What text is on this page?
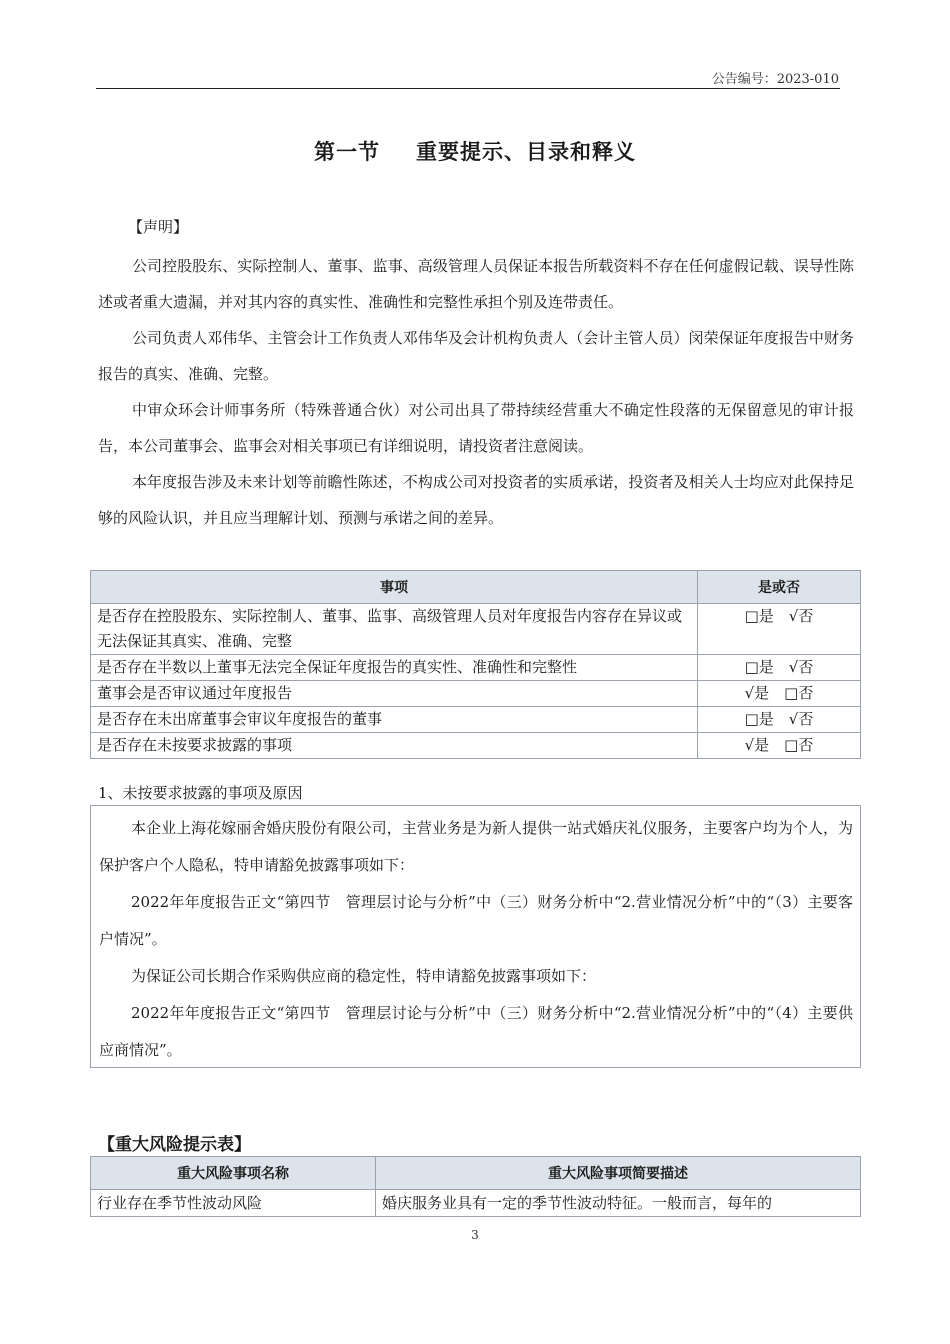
公告编号：2023-010
第一节 重要提示、目录和释义
【声明】
公司控股股东、实际控制人、董事、监事、高级管理人员保证本报告所载资料不存在任何虚假记载、误导性陈述或者重大遗漏，并对其内容的真实性、准确性和完整性承担个别及连带责任。
公司负责人邓伟华、主管会计工作负责人邓伟华及会计机构负责人（会计主管人员）闵荣保证年度报告中财务报告的真实、准确、完整。
中审众环会计师事务所（特殊普通合伙）对公司出具了带持续经营重大不确定性段落的无保留意见的审计报告，本公司董事会、监事会对相关事项已有详细说明，请投资者注意阅读。
本年度报告涉及未来计划等前瞻性陈述，不构成公司对投资者的实质承诺，投资者及相关人士均应对此保持足够的风险认识，并且应当理解计划、预测与承诺之间的差异。
事项	是或否
是否存在控股股东、实际控制人、董事、监事、高级管理人员对年度报告内容存在异议或无法保证其真实、准确、完整	□是　√否
是否存在半数以上董事无法完全保证年度报告的真实性、准确性和完整性	□是　√否
董事会是否审议通过年度报告	√是　□否
是否存在未出席董事会审议年度报告的董事	□是　√否
是否存在未按要求披露的事项	√是　□否
1、未按要求披露的事项及原因
本企业上海花嫁丽舍婚庆股份有限公司，主营业务是为新人提供一站式婚庆礼仪服务，主要客户均为个人，为保护客户个人隐私，特申请豁免披露事项如下：
2022年年度报告正文“第四节　管理层讨论与分析”中（三）财务分析中“2.营业情况分析”中的“（3）主要客户情况”。
为保证公司长期合作采购供应商的稳定性，特申请豁免披露事项如下：
2022年年度报告正文“第四节　管理层讨论与分析”中（三）财务分析中“2.营业情况分析”中的“（4）主要供应商情况”。
【重大风险提示表】
重大风险事项名称	重大风险事项简要描述
行业存在季节性波动风险	婚庆服务业具有一定的季节性波动特征。一般而言，每年的
3
